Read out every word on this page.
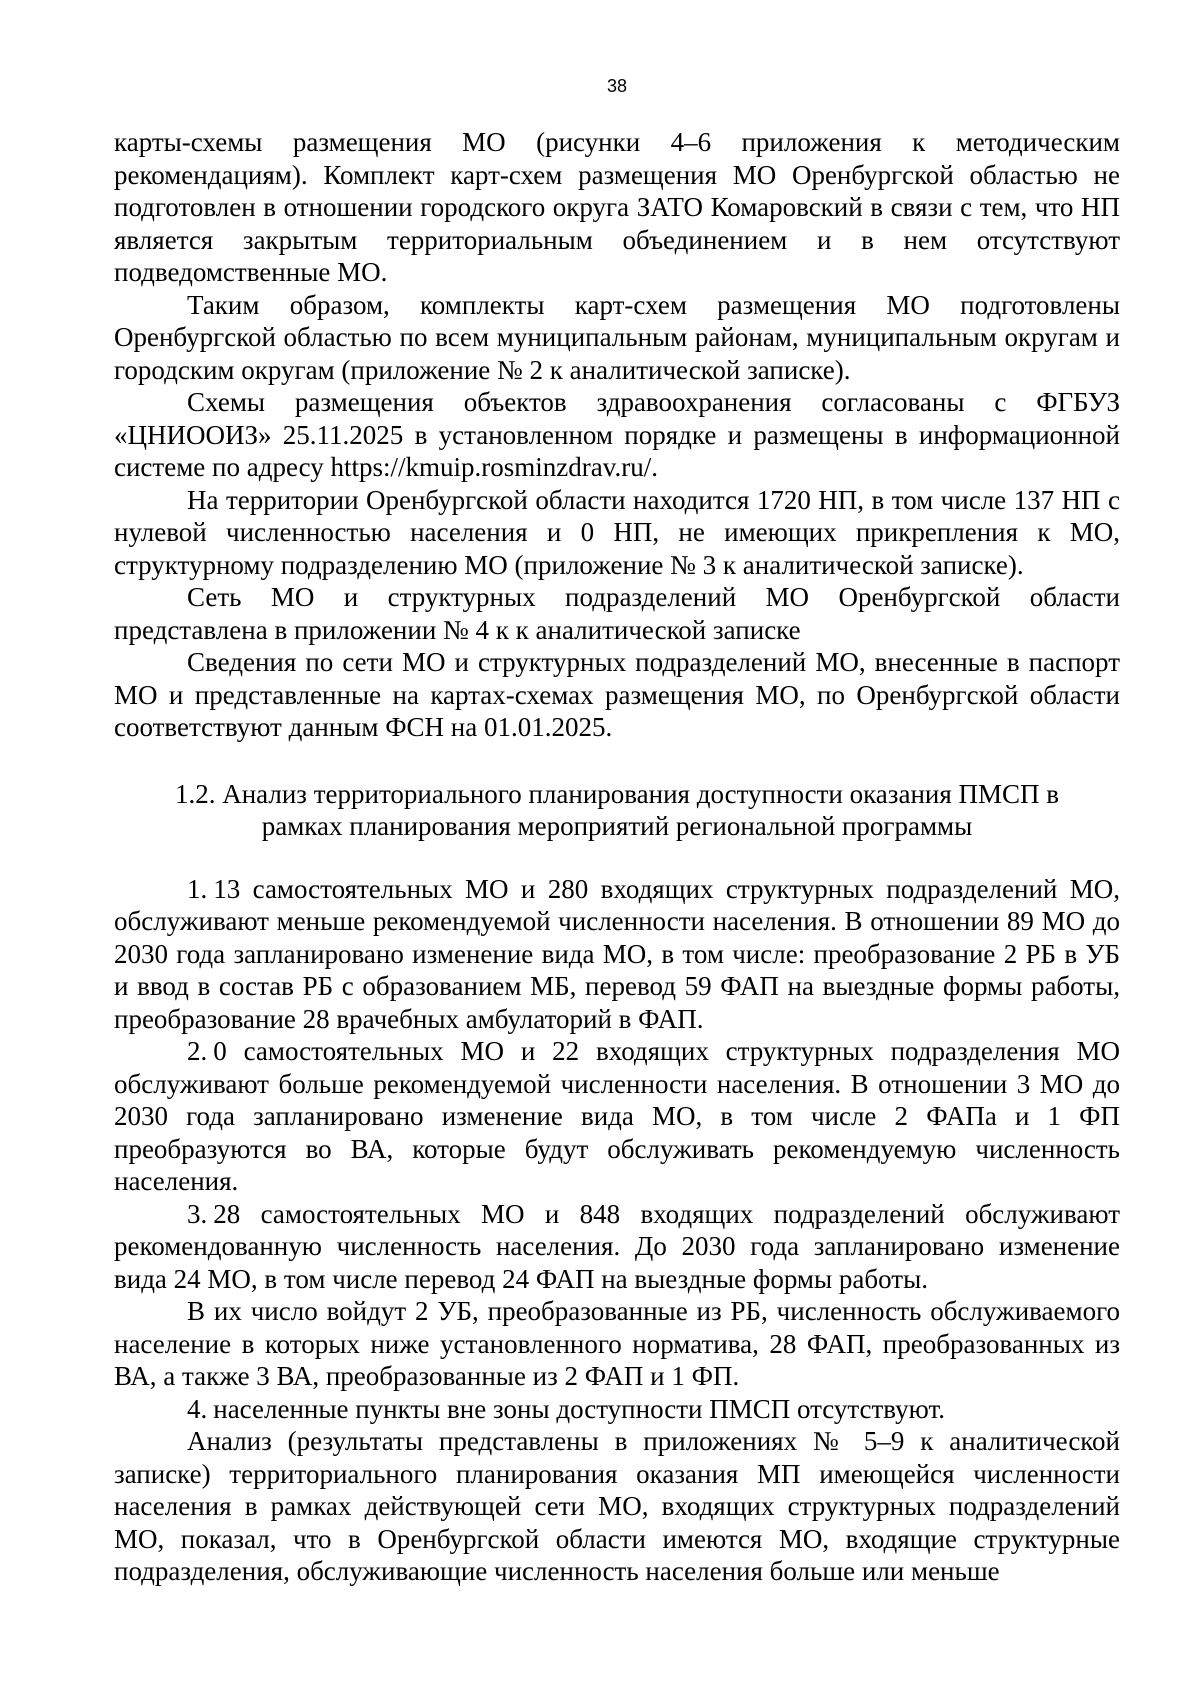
38

карты-схемы размещения МО (рисунки 4–6 приложения к методическим рекомендациям). Комплект карт-схем размещения МО Оренбургской областью не подготовлен в отношении городского округа ЗАТО Комаровский в связи с тем, что НП является закрытым территориальным объединением и в нем отсутствуют подведомственные МО.

Таким образом, комплекты карт-схем размещения МО подготовлены Оренбургской областью по всем муниципальным районам, муниципальным округам и городским округам (приложение № 2 к аналитической записке).

Схемы размещения объектов здравоохранения согласованы с ФГБУЗ «ЦНИООИЗ» 25.11.2025 в установленном порядке и размещены в информационной системе по адресу https://kmuip.rosminzdrav.ru/.

На территории Оренбургской области находится 1720 НП, в том числе 137 НП с нулевой численностью населения и 0 НП, не имеющих прикрепления к МО, структурному подразделению МО (приложение № 3 к аналитической записке).

Сеть МО и структурных подразделений МО Оренбургской области представлена в приложении № 4 к к аналитической записке

Сведения по сети МО и структурных подразделений МО, внесенные в паспорт МО и представленные на картах-схемах размещения МО, по Оренбургской области соответствуют данным ФСН на 01.01.2025.

1.2. Анализ территориального планирования доступности оказания ПМСП в
рамках планирования мероприятий региональной программы

1. 13 самостоятельных МО и 280 входящих структурных подразделений МО, обслуживают меньше рекомендуемой численности населения. В отношении 89 МО до 2030 года запланировано изменение вида МО, в том числе: преобразование 2 РБ в УБ и ввод в состав РБ с образованием МБ, перевод 59 ФАП на выездные формы работы, преобразование 28 врачебных амбулаторий в ФАП.

2. 0 самостоятельных МО и 22 входящих структурных подразделения МО обслуживают больше рекомендуемой численности населения. В отношении 3 МО до 2030 года запланировано изменение вида МО, в том числе 2 ФАПа и 1 ФП преобразуются во ВА, которые будут обслуживать рекомендуемую численность населения.

3. 28 самостоятельных МО и 848 входящих подразделений обслуживают рекомендованную численность населения. До 2030 года запланировано изменение вида 24 МО, в том числе перевод 24 ФАП на выездные формы работы.

В их число войдут 2 УБ, преобразованные из РБ, численность обслуживаемого население в которых ниже установленного норматива, 28 ФАП, преобразованных из ВА, а также 3 ВА, преобразованные из 2 ФАП и 1 ФП.

4. населенные пункты вне зоны доступности ПМСП отсутствуют.

Анализ (результаты представлены в приложениях № 5–9 к аналитической записке) территориального планирования оказания МП имеющейся численности населения в рамках действующей сети МО, входящих структурных подразделений МО, показал, что в Оренбургской области имеются МО, входящие структурные подразделения, обслуживающие численность населения больше или меньше
